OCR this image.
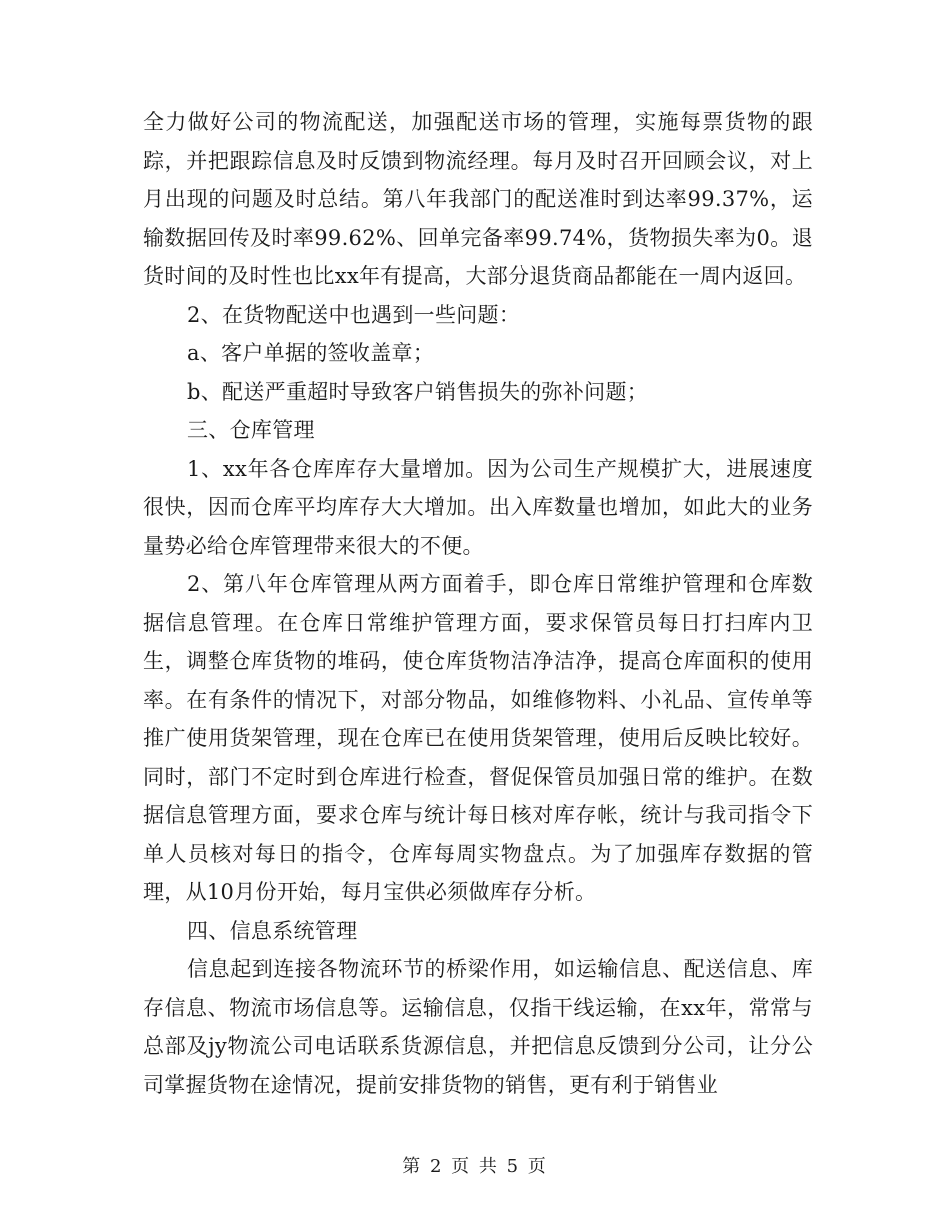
全力做好公司的物流配送，加强配送市场的管理，实施每票货物的跟踪，并把跟踪信息及时反馈到物流经理。每月及时召开回顾会议，对上月出现的问题及时总结。第八年我部门的配送准时到达率99.37%，运输数据回传及时率99.62%、回单完备率99.74%，货物损失率为0。退货时间的及时性也比xx年有提高，大部分退货商品都能在一周内返回。

2、在货物配送中也遇到一些问题：

a、客户单据的签收盖章；

b、配送严重超时导致客户销售损失的弥补问题；

三、仓库管理

1、xx年各仓库库存大量增加。因为公司生产规模扩大，进展速度很快，因而仓库平均库存大大增加。出入库数量也增加，如此大的业务量势必给仓库管理带来很大的不便。

2、第八年仓库管理从两方面着手，即仓库日常维护管理和仓库数据信息管理。在仓库日常维护管理方面，要求保管员每日打扫库内卫生，调整仓库货物的堆码，使仓库货物洁净洁净，提高仓库面积的使用率。在有条件的情况下，对部分物品，如维修物料、小礼品、宣传单等推广使用货架管理，现在仓库已在使用货架管理，使用后反映比较好。同时，部门不定时到仓库进行检查，督促保管员加强日常的维护。在数据信息管理方面，要求仓库与统计每日核对库存帐，统计与我司指令下单人员核对每日的指令，仓库每周实物盘点。为了加强库存数据的管理，从10月份开始，每月宝供必须做库存分析。

四、信息系统管理

信息起到连接各物流环节的桥梁作用，如运输信息、配送信息、库存信息、物流市场信息等。运输信息，仅指干线运输，在xx年，常常与总部及jy物流公司电话联系货源信息，并把信息反馈到分公司，让分公司掌握货物在途情况，提前安排货物的销售，更有利于销售业

第 2 页 共 5 页
